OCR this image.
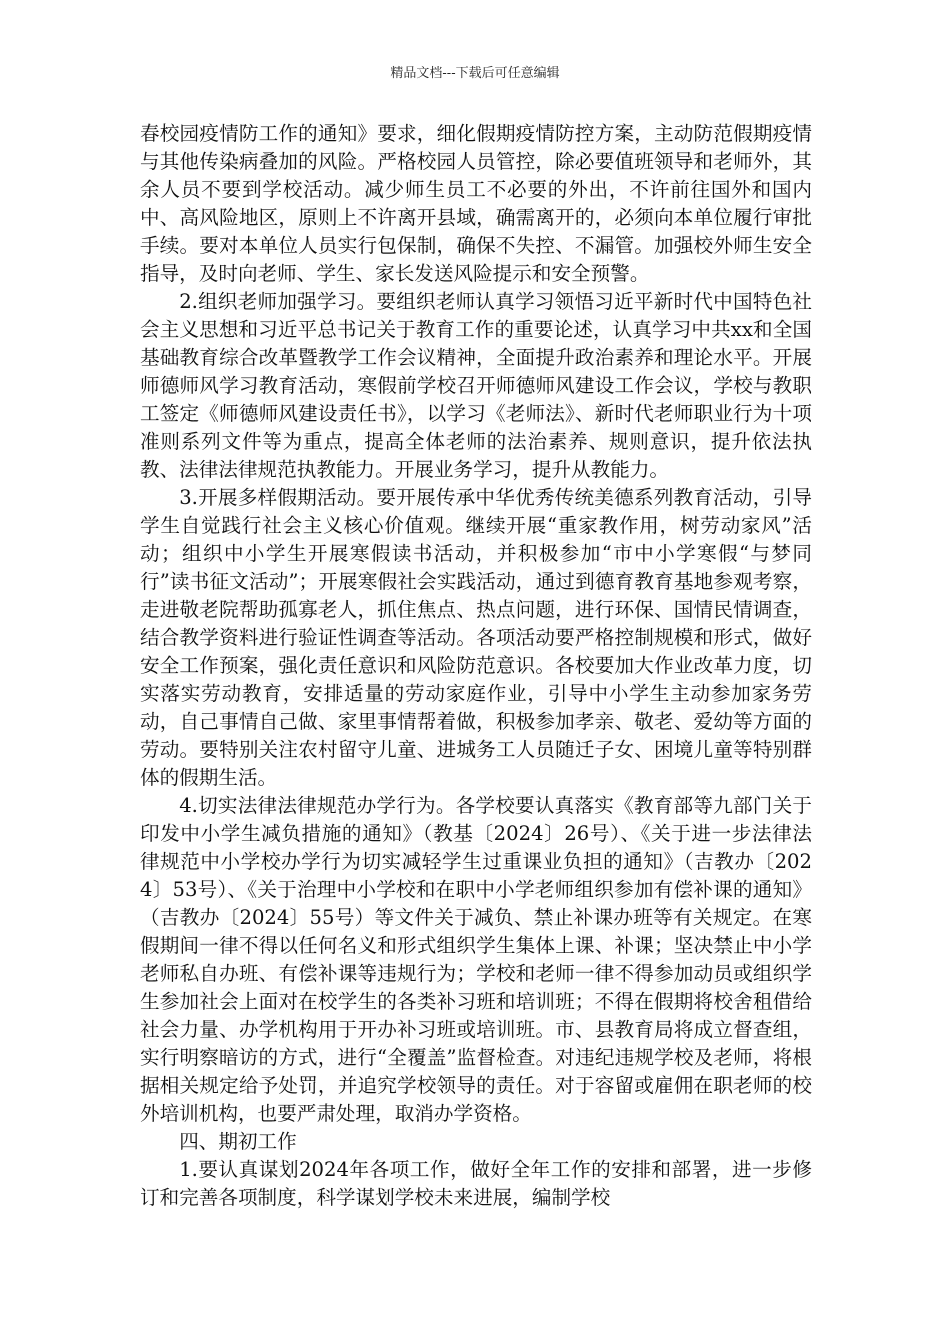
精品文档---下载后可任意编辑

春校园疫情防工作的通知》要求，细化假期疫情防控方案，主动防范假期疫情与其他传染病叠加的风险。严格校园人员管控，除必要值班领导和老师外，其余人员不要到学校活动。减少师生员工不必要的外出，不许前往国外和国内中、高风险地区，原则上不许离开县域，确需离开的，必须向本单位履行审批手续。要对本单位人员实行包保制，确保不失控、不漏管。加强校外师生安全指导，及时向老师、学生、家长发送风险提示和安全预警。

2.组织老师加强学习。要组织老师认真学习领悟习近平新时代中国特色社会主义思想和习近平总书记关于教育工作的重要论述，认真学习中共xx和全国基础教育综合改革暨教学工作会议精神，全面提升政治素养和理论水平。开展师德师风学习教育活动，寒假前学校召开师德师风建设工作会议，学校与教职工签定《师德师风建设责任书》，以学习《老师法》、新时代老师职业行为十项准则系列文件等为重点，提高全体老师的法治素养、规则意识，提升依法执教、法律法律规范执教能力。开展业务学习，提升从教能力。

3.开展多样假期活动。要开展传承中华优秀传统美德系列教育活动，引导学生自觉践行社会主义核心价值观。继续开展“重家教作用，树劳动家风”活动；组织中小学生开展寒假读书活动，并积极参加“市中小学寒假“与梦同行”读书征文活动”；开展寒假社会实践活动，通过到德育教育基地参观考察，走进敬老院帮助孤寡老人，抓住焦点、热点问题，进行环保、国情民情调查，结合教学资料进行验证性调查等活动。各项活动要严格控制规模和形式，做好安全工作预案，强化责任意识和风险防范意识。各校要加大作业改革力度，切实落实劳动教育，安排适量的劳动家庭作业，引导中小学生主动参加家务劳动，自己事情自己做、家里事情帮着做，积极参加孝亲、敬老、爱幼等方面的劳动。要特别关注农村留守儿童、进城务工人员随迁子女、困境儿童等特别群体的假期生活。

4.切实法律法律规范办学行为。各学校要认真落实《教育部等九部门关于印发中小学生减负措施的通知》（教基〔2024〕26号）、《关于进一步法律法律规范中小学校办学行为切实减轻学生过重课业负担的通知》（吉教办〔2024〕53号）、《关于治理中小学校和在职中小学老师组织参加有偿补课的通知》（吉教办〔2024〕55号）等文件关于减负、禁止补课办班等有关规定。在寒假期间一律不得以任何名义和形式组织学生集体上课、补课；坚决禁止中小学老师私自办班、有偿补课等违规行为；学校和老师一律不得参加动员或组织学生参加社会上面对在校学生的各类补习班和培训班；不得在假期将校舍租借给社会力量、办学机构用于开办补习班或培训班。市、县教育局将成立督查组，实行明察暗访的方式，进行“全覆盖”监督检查。对违纪违规学校及老师，将根据相关规定给予处罚，并追究学校领导的责任。对于容留或雇佣在职老师的校外培训机构，也要严肃处理，取消办学资格。

四、期初工作

1.要认真谋划2024年各项工作，做好全年工作的安排和部署，进一步修订和完善各项制度，科学谋划学校未来进展，编制学校
